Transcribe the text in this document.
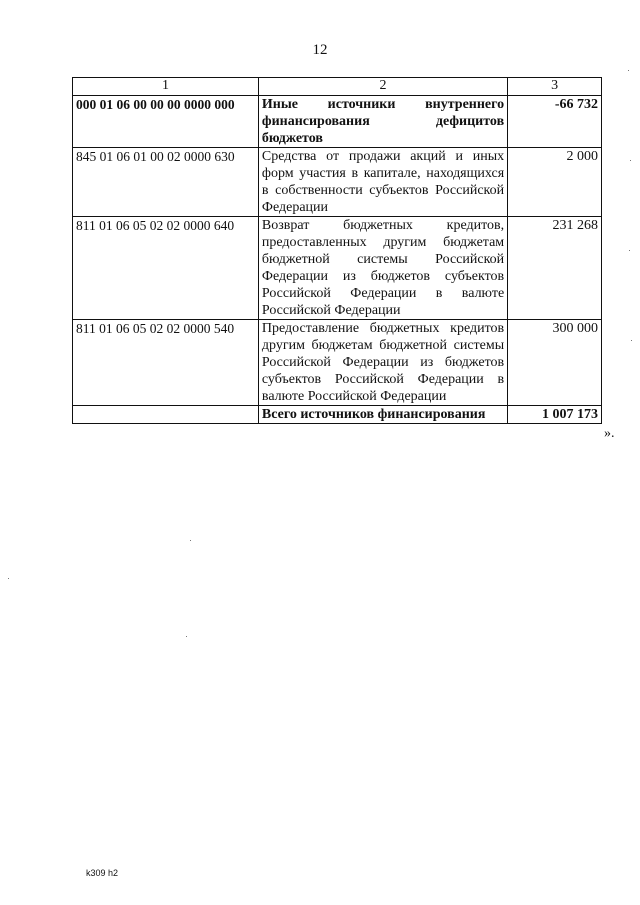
12
1	2	3
000 01 06 00 00 00 0000 000	Иные источники внутреннего финансирования дефицитов бюджетов	-66 732
845 01 06 01 00 02 0000 630	Средства от продажи акций и иных форм участия в капитале, находящихся в собственности субъектов Российской Федерации	2 000
811 01 06 05 02 02 0000 640	Возврат бюджетных кредитов, предоставленных другим бюджетам бюджетной системы Российской Федерации из бюджетов субъектов Российской Федерации в валюте Российской Федерации	231 268
811 01 06 05 02 02 0000 540	Предоставление бюджетных кредитов другим бюджетам бюджетной системы Российской Федерации из бюджетов субъектов Российской Федерации в валюте Российской Федерации	300 000
	Всего источников финансирования	1 007 173
».
k309 h2
